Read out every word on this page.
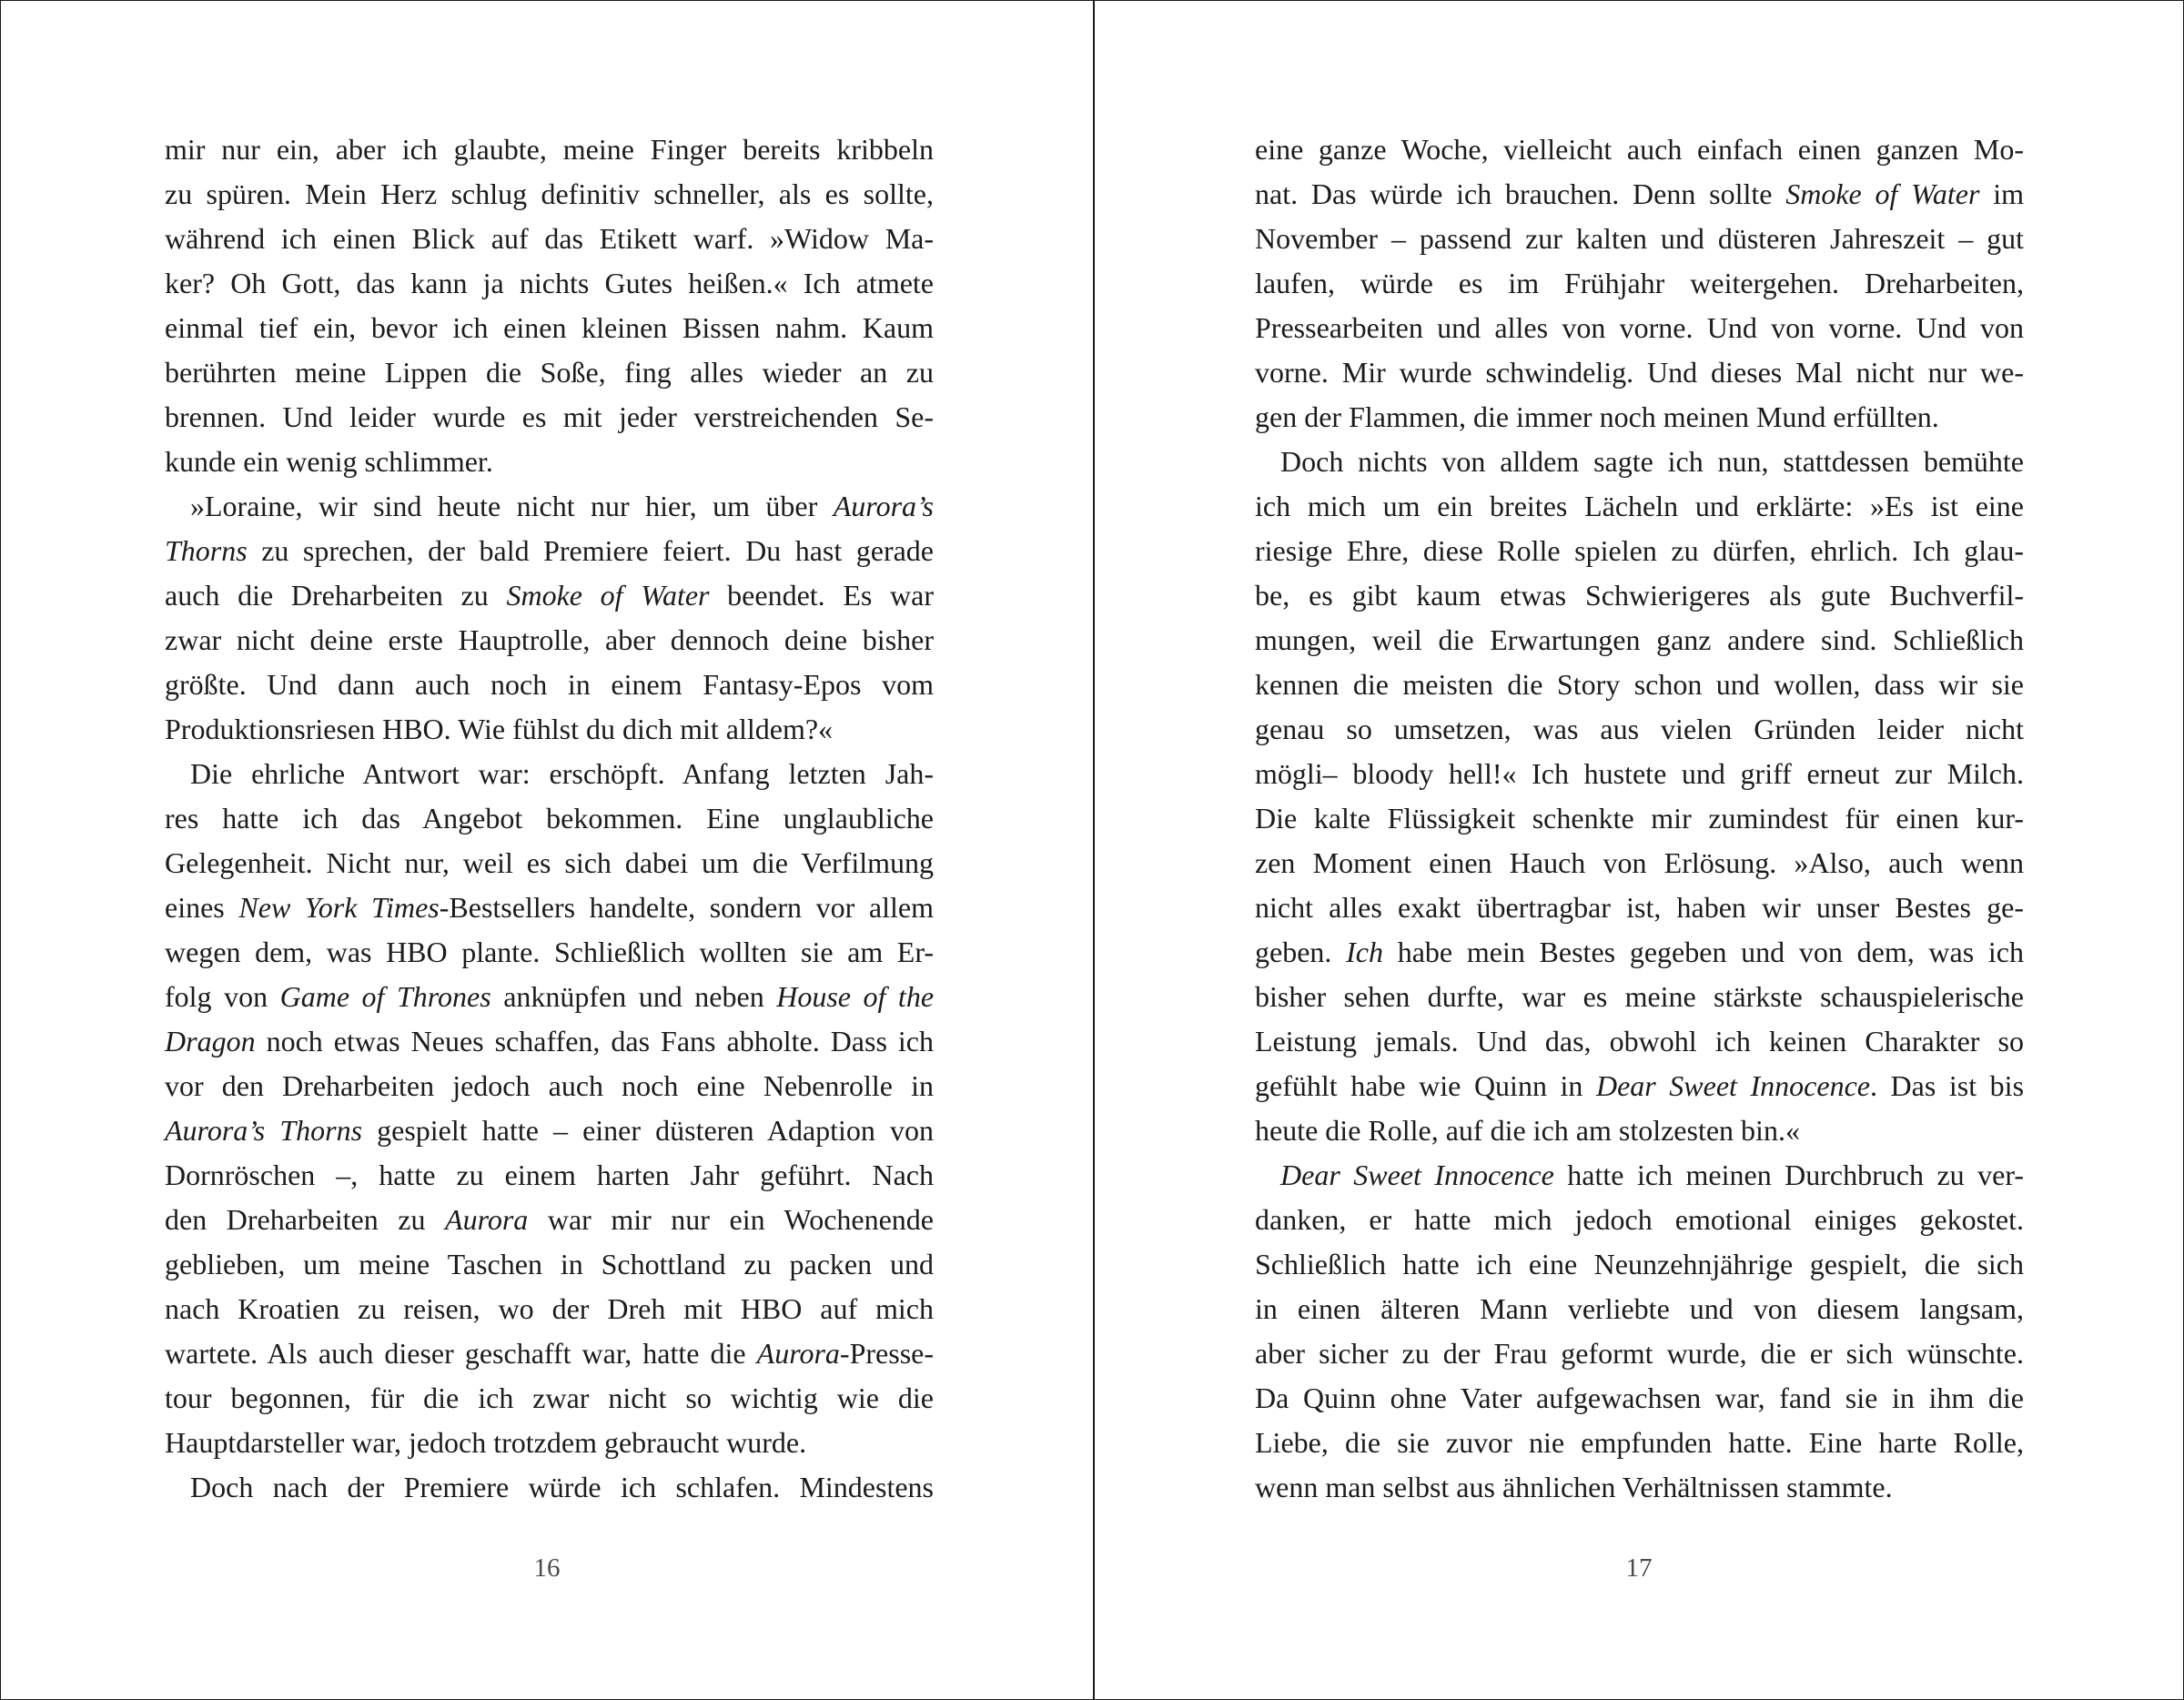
mir nur ein, aber ich glaubte, meine Finger bereits kribbeln
zu spüren. Mein Herz schlug definitiv schneller, als es sollte,
während ich einen Blick auf das Etikett warf. »Widow Ma-
ker? Oh Gott, das kann ja nichts Gutes heißen.« Ich atmete
einmal tief ein, bevor ich einen kleinen Bissen nahm. Kaum
berührten meine Lippen die Soße, fing alles wieder an zu
brennen. Und leider wurde es mit jeder verstreichenden Se-
kunde ein wenig schlimmer.
»Loraine, wir sind heute nicht nur hier, um über Aurora’s
Thorns zu sprechen, der bald Premiere feiert. Du hast gerade
auch die Dreharbeiten zu Smoke of Water beendet. Es war
zwar nicht deine erste Hauptrolle, aber dennoch deine bisher
größte. Und dann auch noch in einem Fantasy-Epos vom
Produktionsriesen HBO. Wie fühlst du dich mit alldem?«
Die ehrliche Antwort war: erschöpft. Anfang letzten Jah-
res hatte ich das Angebot bekommen. Eine unglaubliche
Gelegenheit. Nicht nur, weil es sich dabei um die Verfilmung
eines New York Times-Bestsellers handelte, sondern vor allem
wegen dem, was HBO plante. Schließlich wollten sie am Er-
folg von Game of Thrones anknüpfen und neben House of the
Dragon noch etwas Neues schaffen, das Fans abholte. Dass ich
vor den Dreharbeiten jedoch auch noch eine Nebenrolle in
Aurora’s Thorns gespielt hatte – einer düsteren Adaption von
Dornröschen –, hatte zu einem harten Jahr geführt. Nach
den Dreharbeiten zu Aurora war mir nur ein Wochenende
geblieben, um meine Taschen in Schottland zu packen und
nach Kroatien zu reisen, wo der Dreh mit HBO auf mich
wartete. Als auch dieser geschafft war, hatte die Aurora-Presse-
tour begonnen, für die ich zwar nicht so wichtig wie die
Hauptdarsteller war, jedoch trotzdem gebraucht wurde.
Doch nach der Premiere würde ich schlafen. Mindestens
16
eine ganze Woche, vielleicht auch einfach einen ganzen Mo-
nat. Das würde ich brauchen. Denn sollte Smoke of Water im
November – passend zur kalten und düsteren Jahreszeit – gut
laufen, würde es im Frühjahr weitergehen. Dreharbeiten,
Pressearbeiten und alles von vorne. Und von vorne. Und von
vorne. Mir wurde schwindelig. Und dieses Mal nicht nur we-
gen der Flammen, die immer noch meinen Mund erfüllten.
Doch nichts von alldem sagte ich nun, stattdessen bemühte
ich mich um ein breites Lächeln und erklärte: »Es ist eine
riesige Ehre, diese Rolle spielen zu dürfen, ehrlich. Ich glau-
be, es gibt kaum etwas Schwierigeres als gute Buchverfil-
mungen, weil die Erwartungen ganz andere sind. Schließlich
kennen die meisten die Story schon und wollen, dass wir sie
genau so umsetzen, was aus vielen Gründen leider nicht
mögli– bloody hell!« Ich hustete und griff erneut zur Milch.
Die kalte Flüssigkeit schenkte mir zumindest für einen kur-
zen Moment einen Hauch von Erlösung. »Also, auch wenn
nicht alles exakt übertragbar ist, haben wir unser Bestes ge-
geben. Ich habe mein Bestes gegeben und von dem, was ich
bisher sehen durfte, war es meine stärkste schauspielerische
Leistung jemals. Und das, obwohl ich keinen Charakter so
gefühlt habe wie Quinn in Dear Sweet Innocence. Das ist bis
heute die Rolle, auf die ich am stolzesten bin.«
Dear Sweet Innocence hatte ich meinen Durchbruch zu ver-
danken, er hatte mich jedoch emotional einiges gekostet.
Schließlich hatte ich eine Neunzehnjährige gespielt, die sich
in einen älteren Mann verliebte und von diesem langsam,
aber sicher zu der Frau geformt wurde, die er sich wünschte.
Da Quinn ohne Vater aufgewachsen war, fand sie in ihm die
Liebe, die sie zuvor nie empfunden hatte. Eine harte Rolle,
wenn man selbst aus ähnlichen Verhältnissen stammte.
17
